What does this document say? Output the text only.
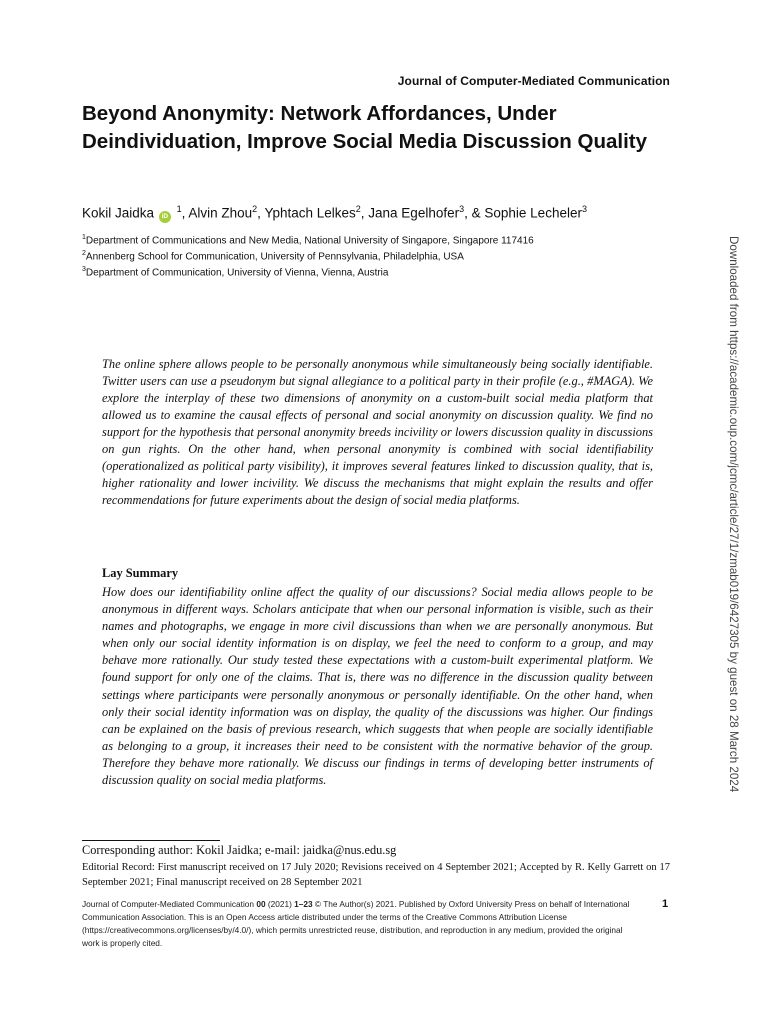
Journal of Computer-Mediated Communication
Beyond Anonymity: Network Affordances, Under Deindividuation, Improve Social Media Discussion Quality
Kokil Jaidka iD $^1$, Alvin Zhou$^2$, Yphtach Lelkes$^2$, Jana Egelhofer$^3$, & Sophie Lecheler$^3$
$^1$Department of Communications and New Media, National University of Singapore, Singapore 117416
$^2$Annenberg School for Communication, University of Pennsylvania, Philadelphia, USA
$^3$Department of Communication, University of Vienna, Vienna, Austria	Downloaded from https://academic.oup.com/jcmc/article/27/1/zmab019/6427305 by guest on 28 March 2024

The online sphere allows people to be personally anonymous while simultaneously being socially identifiable. Twitter users can use a pseudonym but signal allegiance to a political party in their profile (e.g., #MAGA). We explore the interplay of these two dimensions of anonymity on a custom-built social media platform that allowed us to examine the causal effects of personal and social anonymity on discussion quality. We find no support for the hypothesis that personal anonymity breeds incivility or lowers discussion quality in discussions on gun rights. On the other hand, when personal anonymity is combined with social identifiability (operationalized as political party visibility), it improves several features linked to discussion quality, that is, higher rationality and lower incivility. We discuss the mechanisms that might explain the results and offer recommendations for future experiments about the design of social media platforms.

Lay Summary

How does our identifiability online affect the quality of our discussions? Social media allows people to be anonymous in different ways. Scholars anticipate that when our personal information is visible, such as their names and photographs, we engage in more civil discussions than when we are personally anonymous. But when only our social identity information is on display, we feel the need to conform to a group, and may behave more rationally. Our study tested these expectations with a custom-built experimental platform. We found support for only one of the claims. That is, there was no difference in the discussion quality between settings where participants were personally anonymous or personally identifiable. On the other hand, when only their social identity information was on display, the quality of the discussions was higher. Our findings can be explained on the basis of previous research, which suggests that when people are socially identifiable as belonging to a group, it increases their need to be consistent with the normative behavior of the group. Therefore they behave more rationally. We discuss our findings in terms of developing better instruments of discussion quality on social media platforms.

Corresponding author: Kokil Jaidka; e-mail: jaidka@nus.edu.sg

Editorial Record: First manuscript received on 17 July 2020; Revisions received on 4 September 2021; Accepted by R. Kelly Garrett on 17 September 2021; Final manuscript received on 28 September 2021

Journal of Computer-Mediated Communication 00 (2021) 1–23 © The Author(s) 2021. Published by Oxford University Press on behalf of International Communication Association. This is an Open Access article distributed under the terms of the Creative Commons Attribution License (https://creativecommons.org/licenses/by/4.0/), which permits unrestricted reuse, distribution, and reproduction in any medium, provided the original work is properly cited.

1
